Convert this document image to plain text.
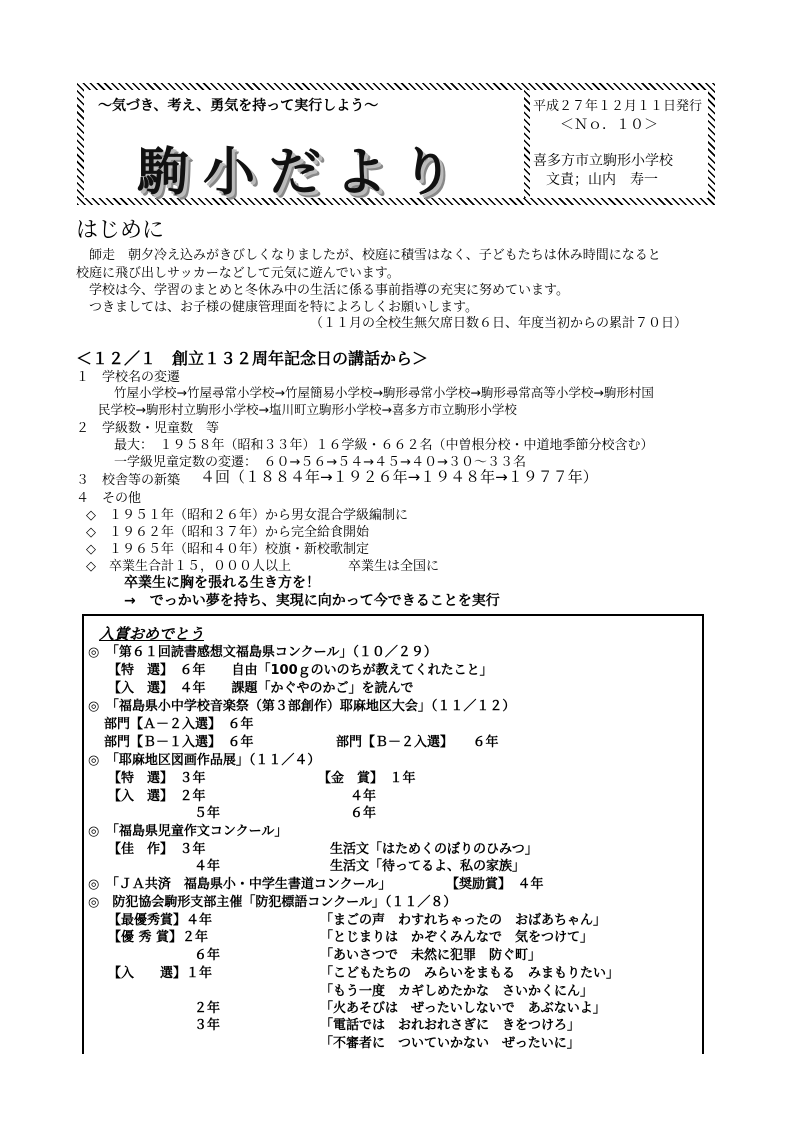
～気づき、考え、勇気を持って実行しよう～
駒小だより
平成２７年１２月１１日発行
＜Ｎｏ．１０＞
喜多方市立駒形小学校
文責；山内　寿一
はじめに
　師走　朝夕冷え込みがきびしくなりましたが、校庭に積雪はなく、子どもたちは休み時間になると
校庭に飛び出しサッカーなどして元気に遊んでいます。
　学校は今、学習のまとめと冬休み中の生活に係る事前指導の充実に努めています。
　つきましては、お子様の健康管理面を特によろしくお願いします。
（１１月の全校生無欠席日数６日、年度当初からの累計７０日）
＜１２／１　創立１３２周年記念日の講話から＞
１　学校名の変遷
竹屋小学校→竹屋尋常小学校→竹屋簡易小学校→駒形尋常小学校→駒形尋常高等小学校→駒形村国
民学校→駒形村立駒形小学校→塩川町立駒形小学校→喜多方市立駒形小学校
２　学級数・児童数　等
最大：　１９５８年（昭和３３年）１６学級・６６２名（中曽根分校・中道地季節分校含む）
一学級児童定数の変遷：　６０→５６→５４→４５→４０→３０～３３名
３　校舎等の新築　 ４回（１８８４年→１９２６年→１９４８年→１９７７年）
４　その他
◇　１９５１年（昭和２６年）から男女混合学級編制に
◇　１９６２年（昭和３７年）から完全給食開始
◇　１９６５年（昭和４０年）校旗・新校歌制定
◇　卒業生合計１５，０００人以上	卒業生は全国に
卒業生に胸を張れる生き方を！
→　でっかい夢を持ち、実現に向かって今できることを実行
入賞おめでとう
◎　「第６１回読書感想文福島県コンクール」（１０／２９）
【特　選】　６年　　自由「100ｇのいのちが教えてくれたこと」
【入　選】　４年　　課題「かぐやのかご」を読んで
◎　「福島県小中学校音楽祭（第３部創作）耶麻地区大会」（１１／１２）
部門【Ａ－２入選】　６年
部門【Ｂ－１入選】　６年	部門【Ｂ－２入選】　　６年
◎　「耶麻地区図画作品展」（１１／４）
【特　選】　３年	【金　賞】　１年
【入　選】　２年	４年
５年	６年
◎　「福島県児童作文コンクール」
【佳　作】　３年	生活文「はためくのぼりのひみつ」
４年	生活文「待ってるよ、私の家族」
◎　「ＪＡ共済　福島県小・中学生書道コンクール」	【奨励賞】　４年
◎　防犯協会駒形支部主催「防犯標語コンクール」（１１／８）
【最優秀賞】４年	「まごの声　わすれちゃったの　おばあちゃん」
【優 秀 賞】２年	「とじまりは　かぞくみんなで　気をつけて」
６年	「あいさつで　未然に犯罪　防ぐ町」
【入　　選】１年	「こどもたちの　みらいをまもる　みまもりたい」
「もう一度　カギしめたかな　さいかくにん」
２年	「火あそびは　ぜったいしないで　あぶないよ」
３年	「電話では　おれおれさぎに　きをつけろ」
「不審者に　ついていかない　ぜったいに」
